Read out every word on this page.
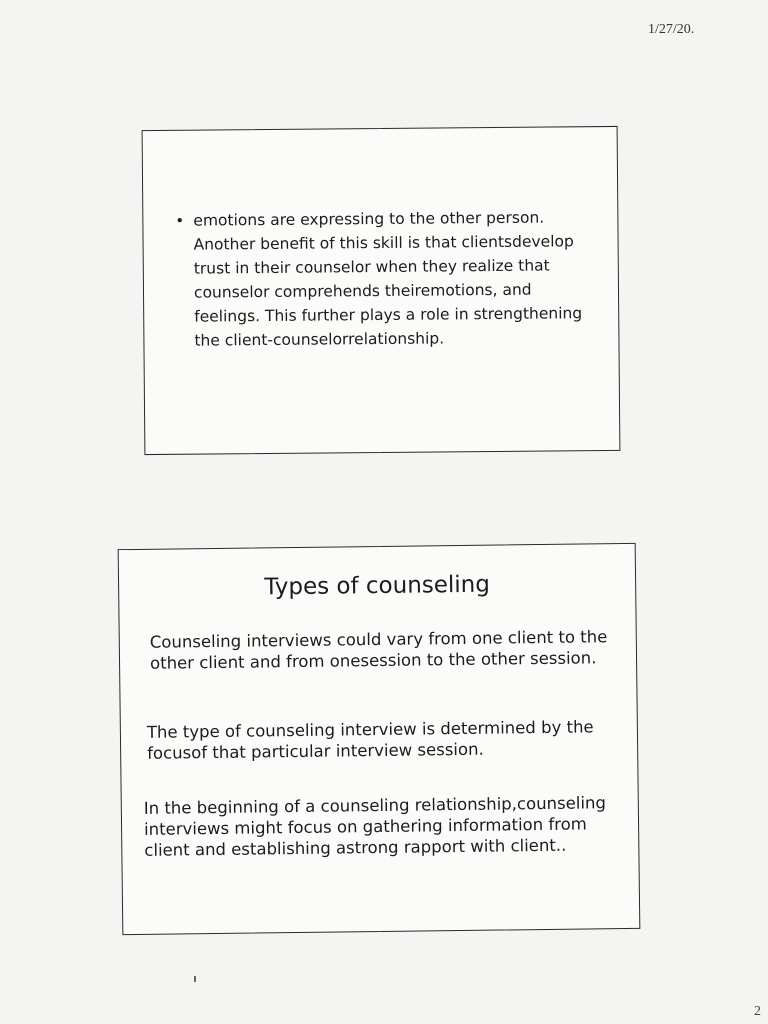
1/27/20.
• emotions are expressing to the other person. Another benefit of this skill is that clientsdevelop trust in their counselor when they realize that counselor comprehends theiremotions, and feelings. This further plays a role in strengthening the client-counselorrelationship.
Types of counseling

Counseling interviews could vary from one client to the other client and from onesession to the other session.

The type of counseling interview is determined by the focusof that particular interview session.

In the beginning of a counseling relationship,counseling interviews might focus on gathering information from client and establishing astrong rapport with client..

2
